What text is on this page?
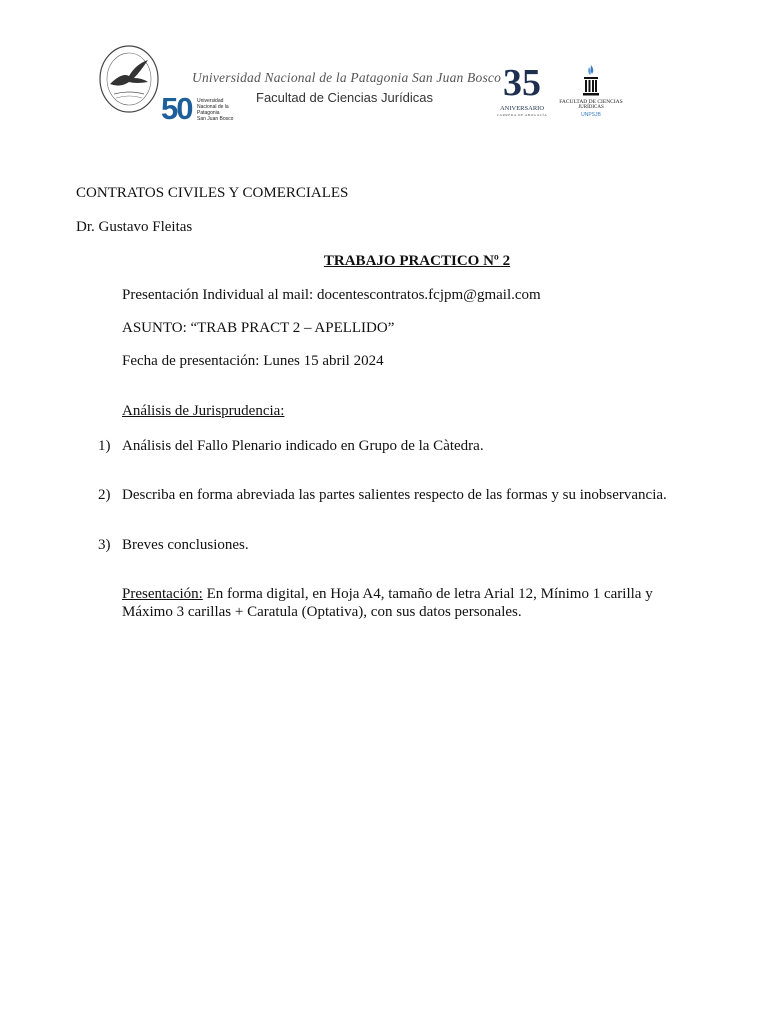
50 Universidad
Nacional de la
Patagonia
San Juan Bosco
Universidad Nacional de la Patagonia San Juan Bosco
Facultad de Ciencias Jurídicas 35
ANIVERSARIO
CARRERA DE ABOGACÍA
FACULTAD DE CIENCIAS
JURÍDICAS
UNPSJB
CONTRATOS CIVILES Y COMERCIALES
Dr. Gustavo Fleitas
TRABAJO PRACTICO Nº 2
Presentación Individual al mail: docentescontratos.fcjpm@gmail.com
ASUNTO: “TRAB PRACT 2 – APELLIDO”
Fecha de presentación: Lunes 15 abril 2024
Análisis de Jurisprudencia:
1) Análisis del Fallo Plenario indicado en Grupo de la Càtedra.
2) Describa en forma abreviada las partes salientes respecto de las formas y su inobservancia.
3) Breves conclusiones.
Presentación: En forma digital, en Hoja A4, tamaño de letra Arial 12, Mínimo 1 carilla y Máximo 3 carillas + Caratula (Optativa), con sus datos personales.
